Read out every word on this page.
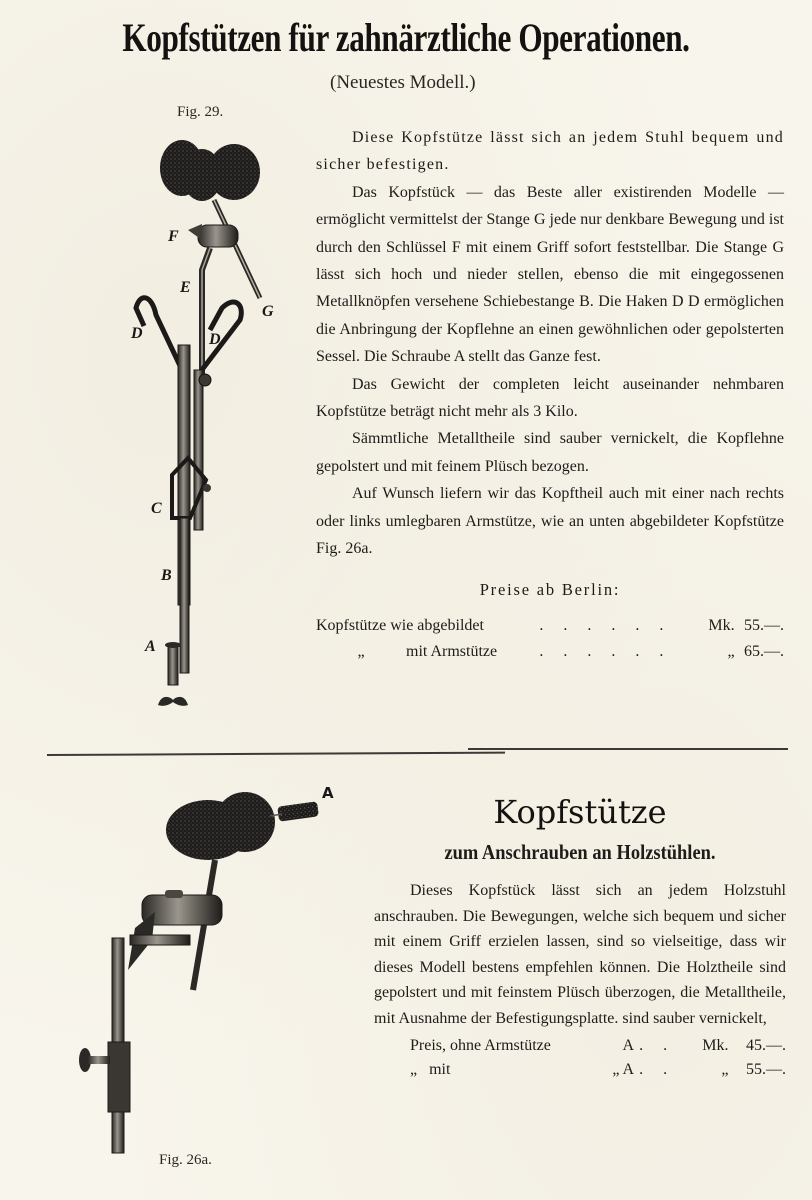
Kopfstützen für zahnärztliche Operationen.
(Neuestes Modell.)
Fig. 29.
F
E
G
D	D
C
B
A

Diese Kopfstütze lässt sich an jedem Stuhl bequem und sicher befestigen.

Das Kopfstück — das Beste aller existirenden Modelle — ermöglicht vermittelst der Stange G jede nur denkbare Bewegung und ist durch den Schlüssel F mit einem Griff sofort feststellbar. Die Stange G lässt sich hoch und nieder stellen, ebenso die mit eingegossenen Metallknöpfen versehene Schiebestange B. Die Haken D D ermöglichen die Anbringung der Kopflehne an einen gewöhnlichen oder gepolsterten Sessel. Die Schraube A stellt das Ganze fest.

Das Gewicht der completen leicht auseinander nehmbaren Kopfstütze beträgt nicht mehr als 3 Kilo.

Sämmtliche Metalltheile sind sauber vernickelt, die Kopflehne gepolstert und mit feinem Plüsch bezogen.

Auf Wunsch liefern wir das Kopftheil auch mit einer nach rechts oder links umlegbaren Armstütze, wie an unten abgebildeter Kopfstütze Fig. 26a.

Preise ab Berlin:
Kopfstütze wie abgebildet	. . . . . .	Mk.	55.—.
„ mit Armstütze	. . . . . .	„	65.—.
A
Fig. 26a.
Kopfstütze
zum Anschrauben an Holzstühlen.

Dieses Kopfstück lässt sich an jedem Holzstuhl anschrauben. Die Bewegungen, welche sich bequem und sicher mit einem Griff erzielen lassen, sind so vielseitige, dass wir dieses Modell bestens empfehlen können. Die Holztheile sind gepolstert und mit feinstem Plüsch überzogen, die Metalltheile, mit Ausnahme der Befestigungsplatte. sind sauber vernickelt,

Preis, ohne Armstütze		A	. .	Mk.	45.—.
„ mit	„	A	. .	„	55.—.
